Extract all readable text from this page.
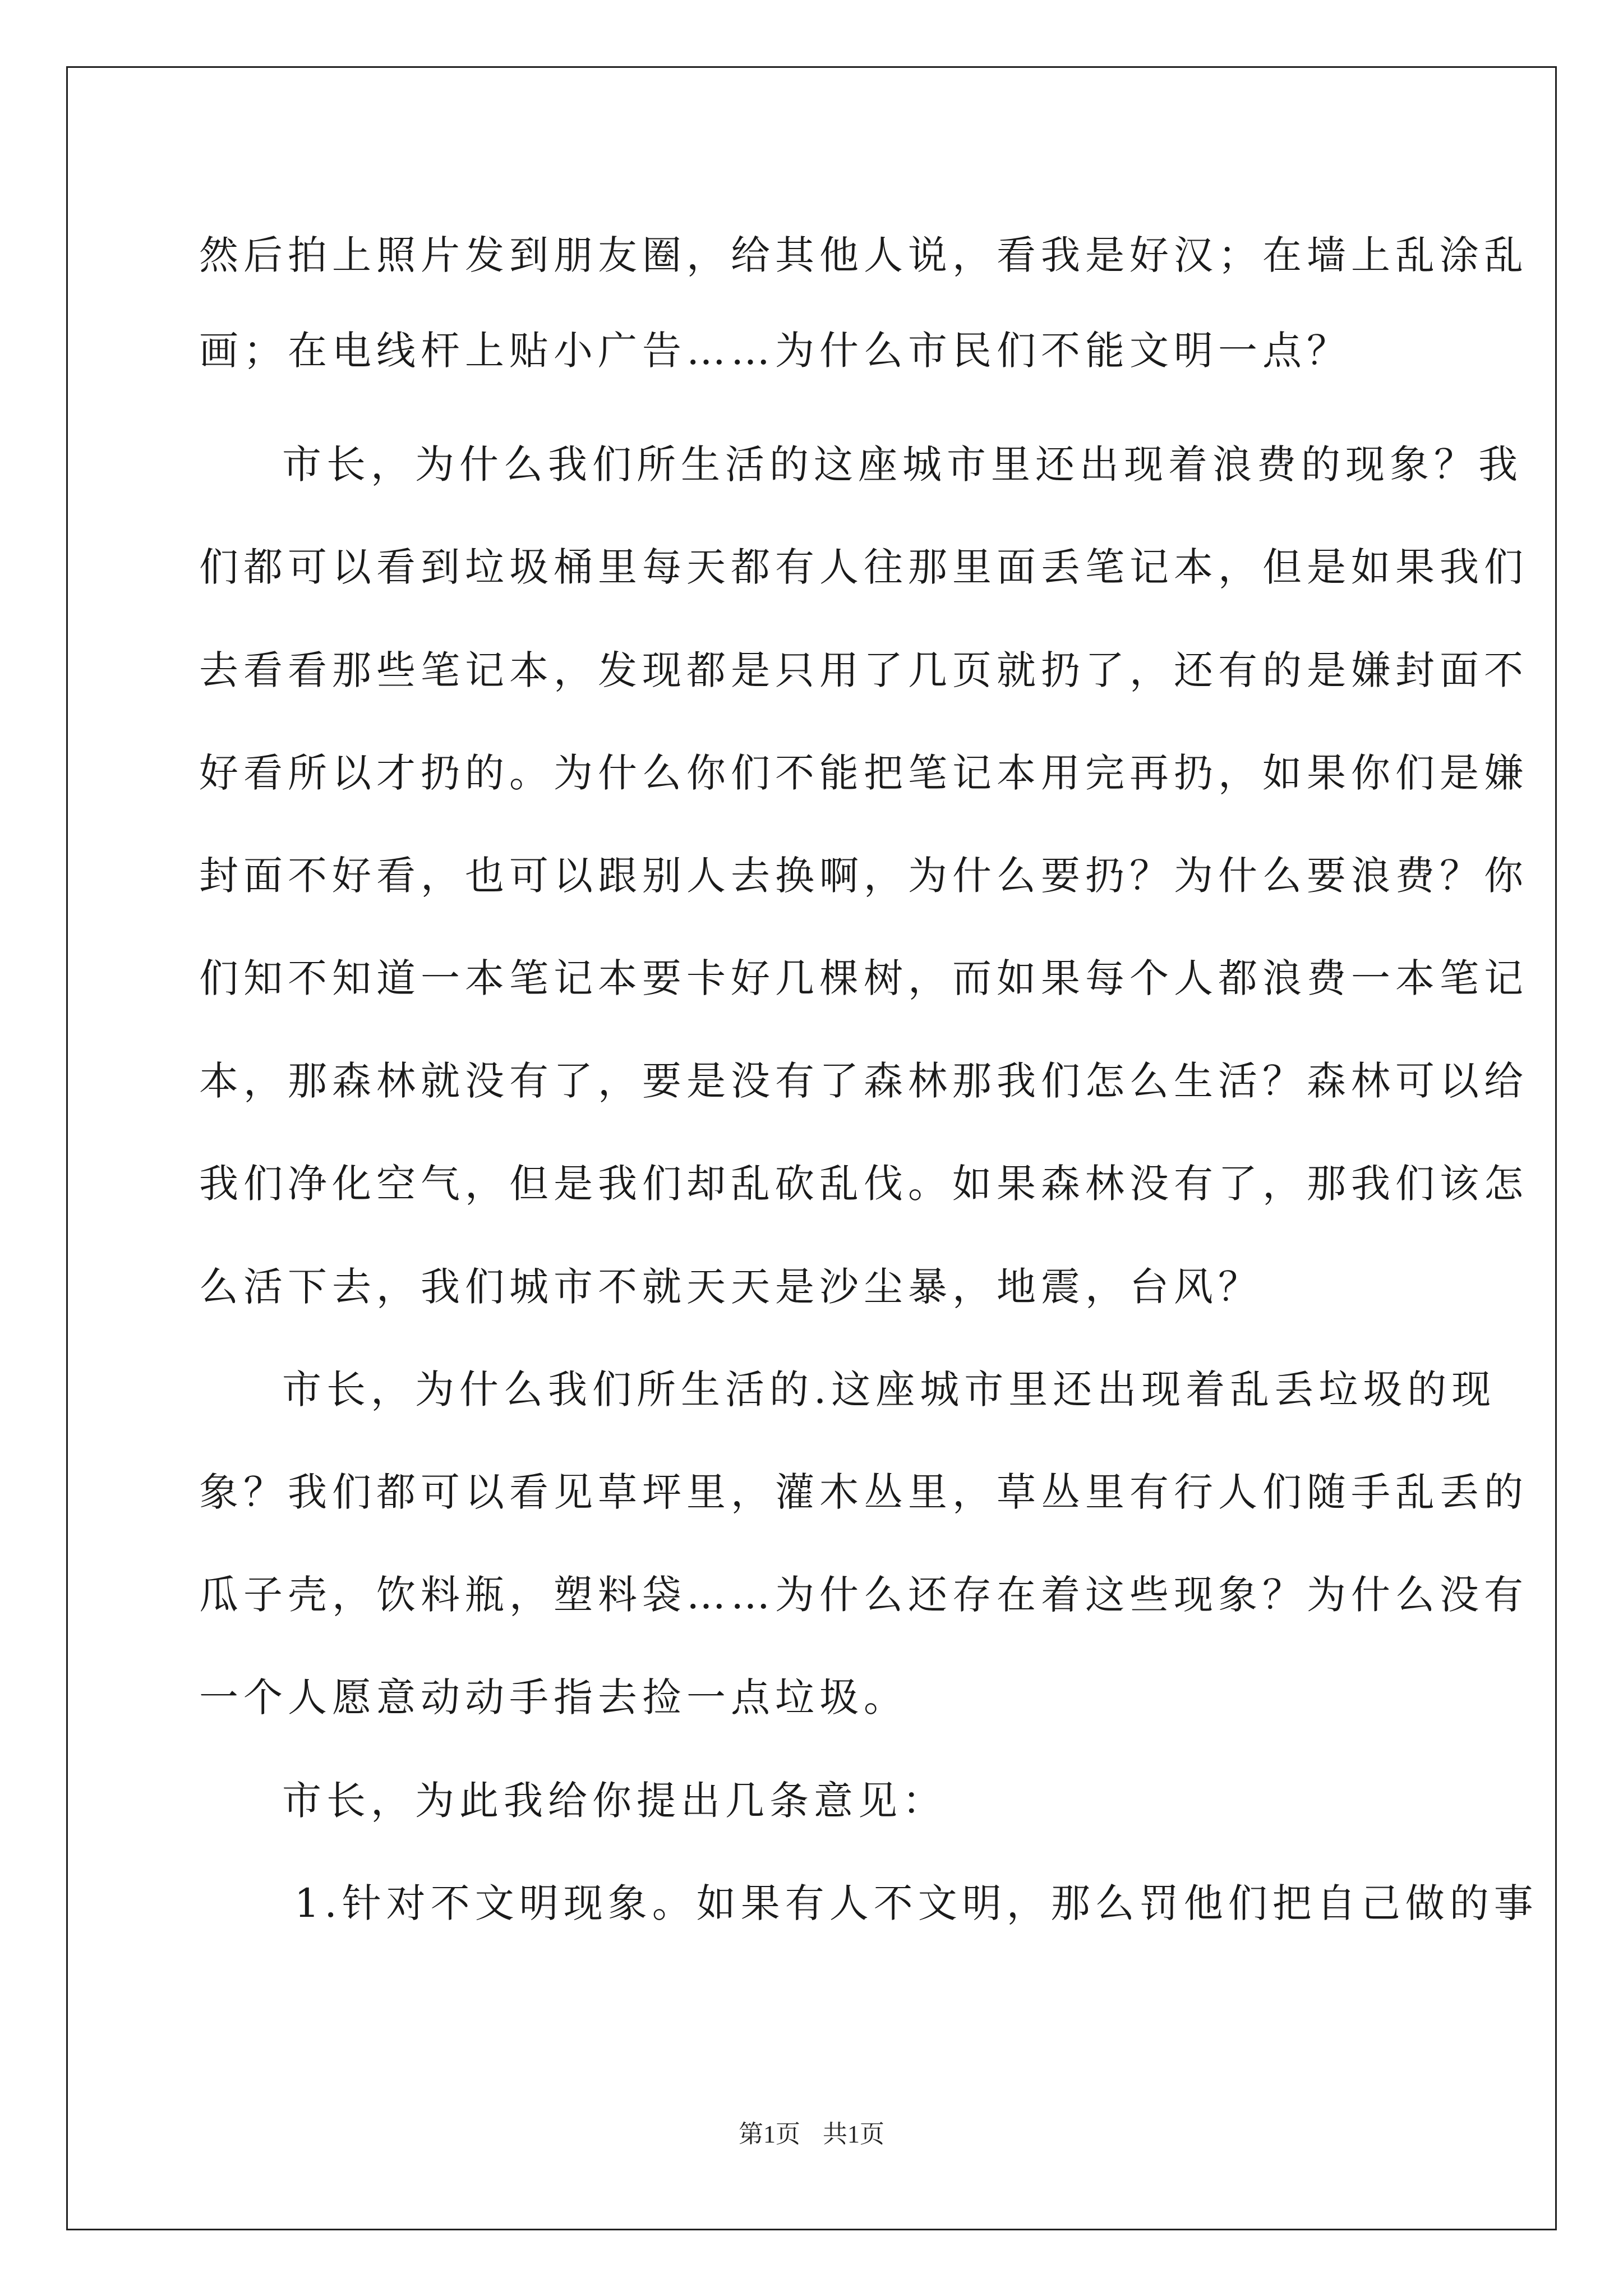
然后拍上照片发到朋友圈，给其他人说，看我是好汉；在墙上乱涂乱
画；在电线杆上贴小广告……为什么市民们不能文明一点？
市长，为什么我们所生活的这座城市里还出现着浪费的现象？我
们都可以看到垃圾桶里每天都有人往那里面丢笔记本，但是如果我们
去看看那些笔记本，发现都是只用了几页就扔了，还有的是嫌封面不
好看所以才扔的。为什么你们不能把笔记本用完再扔，如果你们是嫌
封面不好看，也可以跟别人去换啊，为什么要扔？为什么要浪费？你
们知不知道一本笔记本要卡好几棵树，而如果每个人都浪费一本笔记
本，那森林就没有了，要是没有了森林那我们怎么生活？森林可以给
我们净化空气，但是我们却乱砍乱伐。如果森林没有了，那我们该怎
么活下去，我们城市不就天天是沙尘暴，地震，台风？
市长，为什么我们所生活的.这座城市里还出现着乱丢垃圾的现
象？我们都可以看见草坪里，灌木丛里，草丛里有行人们随手乱丢的
瓜子壳，饮料瓶，塑料袋……为什么还存在着这些现象？为什么没有
一个人愿意动动手指去捡一点垃圾。
市长，为此我给你提出几条意见：
1.针对不文明现象。如果有人不文明，那么罚他们把自己做的事
第1页 共1页
